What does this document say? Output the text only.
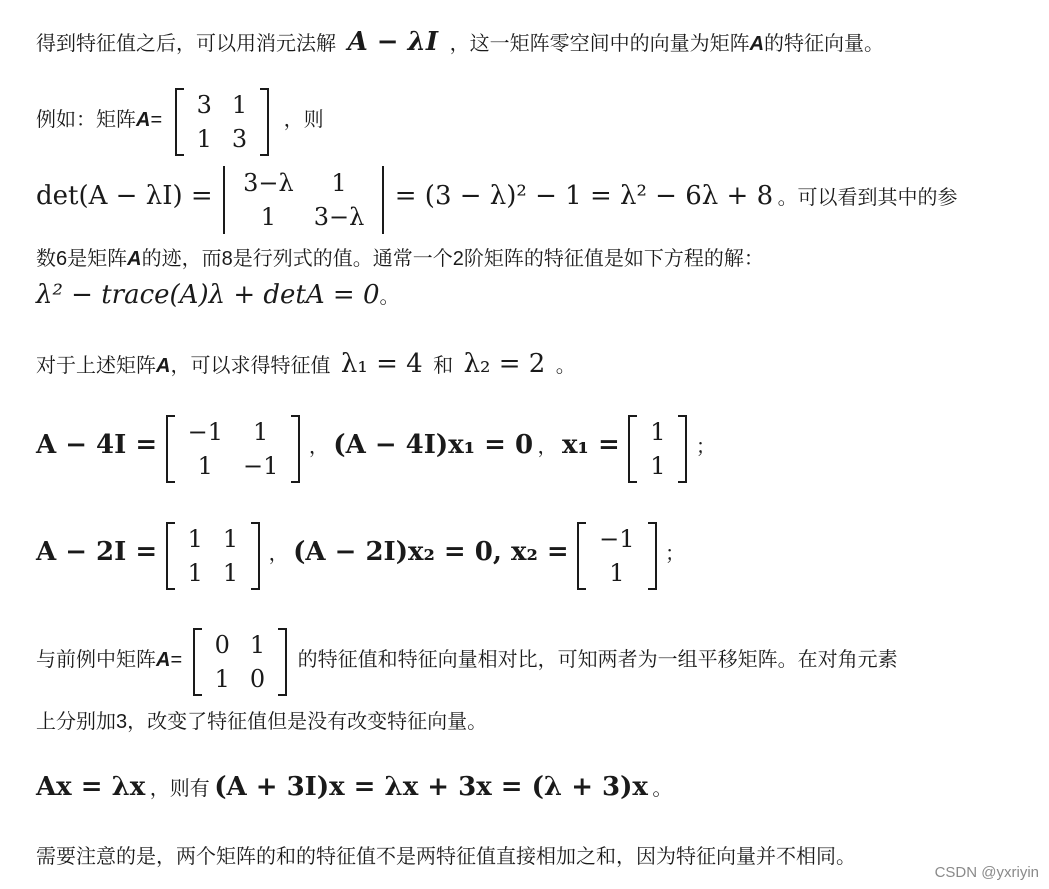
得到特征值之后，可以用消元法解 A − λI ，这一矩阵零空间中的向量为矩阵A的特征向量。
例如：矩阵A=
3	1
1	3
，则
det(A − λI) = 3−λ	1
1	3−λ
= (3 − λ)² − 1 = λ² − 6λ + 8 。可以看到其中的参
数6是矩阵A的迹，而8是行列式的值。通常一个2阶矩阵的特征值是如下方程的解：
λ² − trace(A)λ + detA = 0。
对于上述矩阵A，可以求得特征值 λ₁ = 4 和 λ₂ = 2 。
A − 4I = −1	1
1	−1
， (A − 4I)x₁ = 0 ， x₁ = 1
1
；
A − 2I = 1	1
1	1
， (A − 2I)x₂ = 0, x₂ = −1
1
；
与前例中矩阵A=
0	1
1	0
的特征值和特征向量相对比，可知两者为一组平移矩阵。在对角元素
上分别加3，改变了特征值但是没有改变特征向量。
Ax = λx ，则有 (A + 3I)x = λx + 3x = (λ + 3)x 。
需要注意的是，两个矩阵的和的特征值不是两特征值直接相加之和，因为特征向量并不相同。
CSDN @yxriyin
